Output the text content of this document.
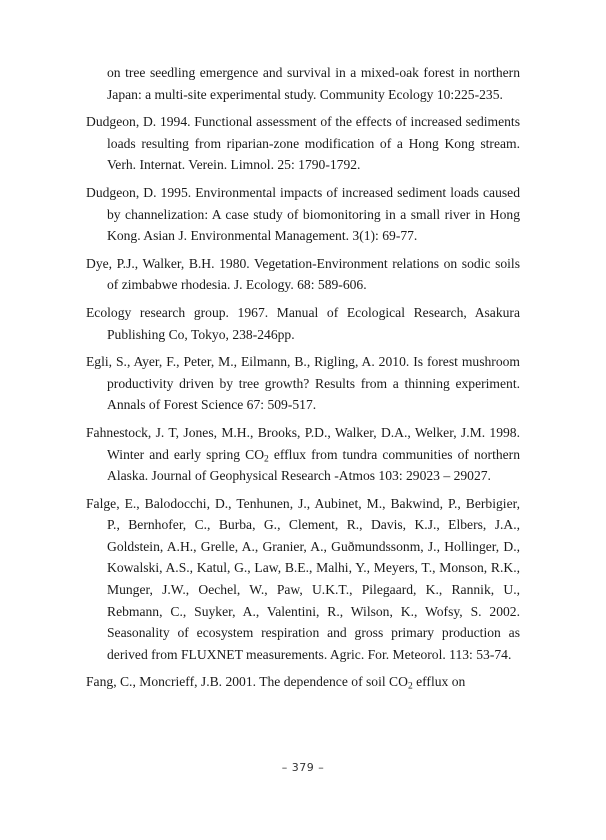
on tree seedling emergence and survival in a mixed-oak forest in northern Japan: a multi-site experimental study. Community Ecology 10:225-235.

Dudgeon, D. 1994. Functional assessment of the effects of increased sediments loads resulting from riparian-zone modification of a Hong Kong stream. Verh. Internat. Verein. Limnol. 25: 1790-1792.

Dudgeon, D. 1995. Environmental impacts of increased sediment loads caused by channelization: A case study of biomonitoring in a small river in Hong Kong. Asian J. Environmental Management. 3(1): 69-77.

Dye, P.J., Walker, B.H. 1980. Vegetation-Environment relations on sodic soils of zimbabwe rhodesia. J. Ecology. 68: 589-606.

Ecology research group. 1967. Manual of Ecological Research, Asakura Publishing Co, Tokyo, 238-246pp.

Egli, S., Ayer, F., Peter, M., Eilmann, B., Rigling, A. 2010. Is forest mushroom productivity driven by tree growth? Results from a thinning experiment. Annals of Forest Science 67: 509-517.

Fahnestock, J. T, Jones, M.H., Brooks, P.D., Walker, D.A., Welker, J.M. 1998. Winter and early spring $CO_2$ efflux from tundra communities of northern Alaska. Journal of Geophysical Research -Atmos 103: 29023 – 29027.

Falge, E., Balodocchi, D., Tenhunen, J., Aubinet, M., Bakwind, P., Berbigier, P., Bernhofer, C., Burba, G., Clement, R., Davis, K.J., Elbers, J.A., Goldstein, A.H., Grelle, A., Granier, A., Guðmundssonm, J., Hollinger, D., Kowalski, A.S., Katul, G., Law, B.E., Malhi, Y., Meyers, T., Monson, R.K., Munger, J.W., Oechel, W., Paw, U.K.T., Pilegaard, K., Rannik, U., Rebmann, C., Suyker, A., Valentini, R., Wilson, K., Wofsy, S. 2002. Seasonality of ecosystem respiration and gross primary production as derived from FLUXNET measurements. Agric. For. Meteorol. 113: 53-74.

Fang, C., Moncrieff, J.B. 2001. The dependence of soil $CO_2$ efflux on

– 379 –
